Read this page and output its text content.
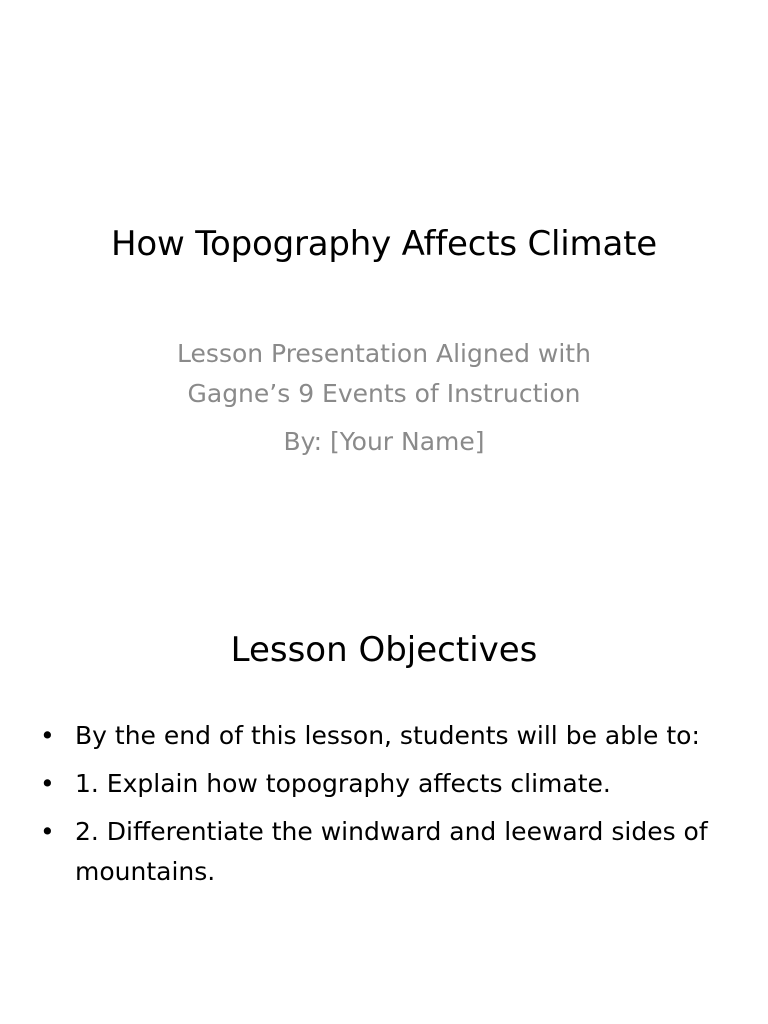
How Topography Affects Climate
Lesson Presentation Aligned with
Gagne’s 9 Events of Instruction
By: [Your Name]
Lesson Objectives
• By the end of this lesson, students will be able to:
• 1. Explain how topography affects climate.
• 2. Differentiate the windward and leeward sides of mountains.
